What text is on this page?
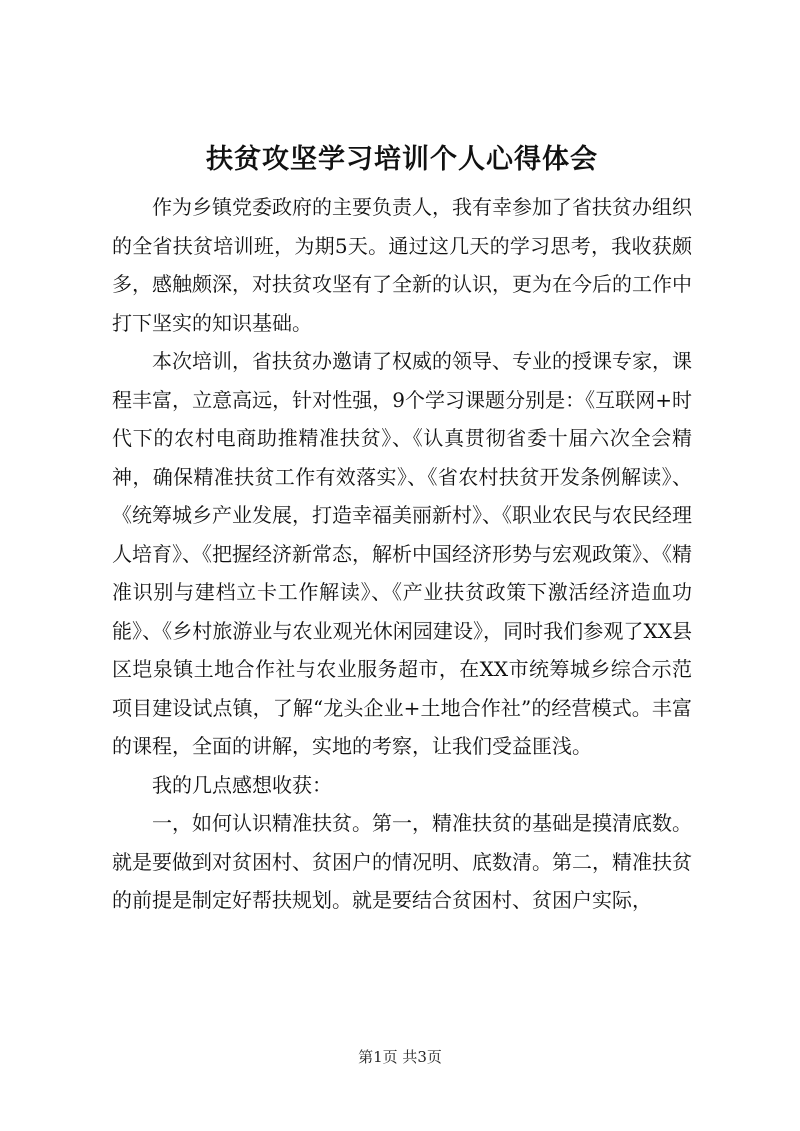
扶贫攻坚学习培训个人心得体会

作为乡镇党委政府的主要负责人，我有幸参加了省扶贫办组织的全省扶贫培训班，为期5天。通过这几天的学习思考，我收获颇多，感触颇深，对扶贫攻坚有了全新的认识，更为在今后的工作中打下坚实的知识基础。

本次培训，省扶贫办邀请了权威的领导、专业的授课专家，课程丰富，立意高远，针对性强，9个学习课题分别是：《互联网+时代下的农村电商助推精准扶贫》、《认真贯彻省委十届六次全会精神，确保精准扶贫工作有效落实》、《省农村扶贫开发条例解读》、《统筹城乡产业发展，打造幸福美丽新村》、《职业农民与农民经理人培育》、《把握经济新常态，解析中国经济形势与宏观政策》、《精准识别与建档立卡工作解读》、《产业扶贫政策下激活经济造血功能》、《乡村旅游业与农业观光休闲园建设》，同时我们参观了XX县区垲泉镇土地合作社与农业服务超市，在XX市统筹城乡综合示范项目建设试点镇，了解“龙头企业+土地合作社”的经营模式。丰富的课程，全面的讲解，实地的考察，让我们受益匪浅。

我的几点感想收获：

一，如何认识精准扶贫。第一，精准扶贫的基础是摸清底数。就是要做到对贫困村、贫困户的情况明、底数清。第二，精准扶贫的前提是制定好帮扶规划。就是要结合贫困村、贫困户实际，

第1页 共3页
